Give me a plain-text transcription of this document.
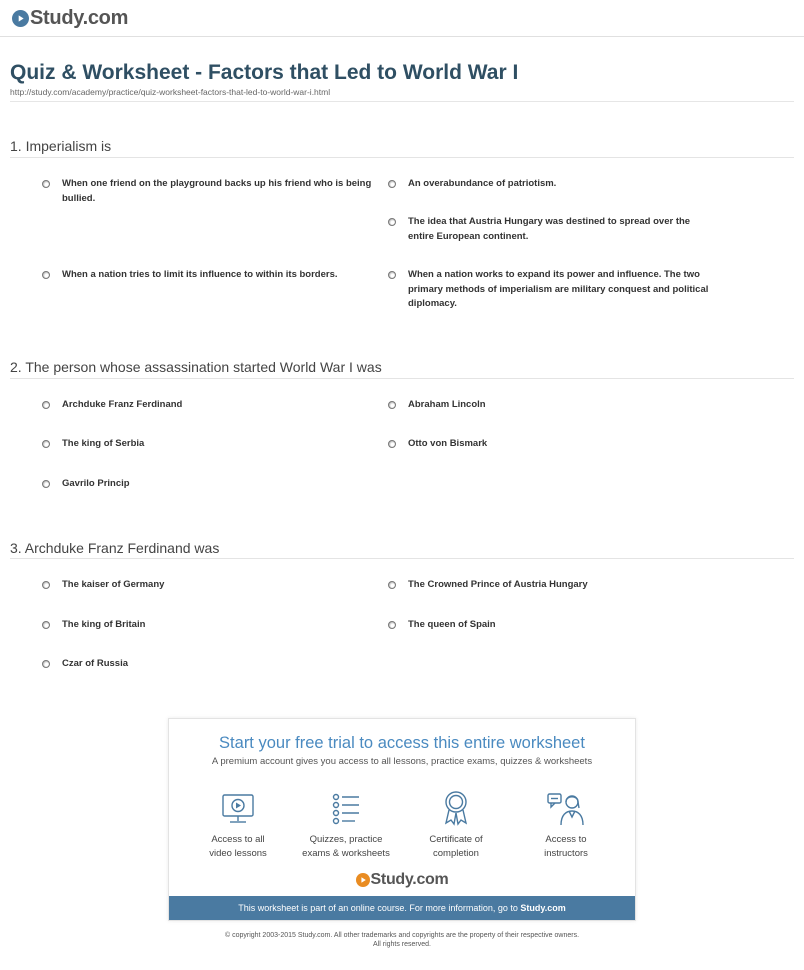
Study.com
Quiz & Worksheet - Factors that Led to World War I
http://study.com/academy/practice/quiz-worksheet-factors-that-led-to-world-war-i.html
1. Imperialism is
When one friend on the playground backs up his friend who is being bullied.
An overabundance of patriotism.
The idea that Austria Hungary was destined to spread over the entire European continent.
When a nation tries to limit its influence to within its borders.	When a nation works to expand its power and influence. The two primary methods of imperialism are military conquest and political diplomacy.
2. The person whose assassination started World War I was
Archduke Franz Ferdinand	Abraham Lincoln
The king of Serbia	Otto von Bismark
Gavrilo Princip
3. Archduke Franz Ferdinand was
The kaiser of Germany	The Crowned Prince of Austria Hungary
The king of Britain	The queen of Spain
Czar of Russia
Start your free trial to access this entire worksheet
A premium account gives you access to all lessons, practice exams, quizzes & worksheets
Access to all
video lessons
Quizzes, practice
exams & worksheets
Certificate of
completion
Access to
instructors
Study.com
This worksheet is part of an online course. For more information, go to Study.com
© copyright 2003-2015 Study.com. All other trademarks and copyrights are the property of their respective owners.
All rights reserved.
